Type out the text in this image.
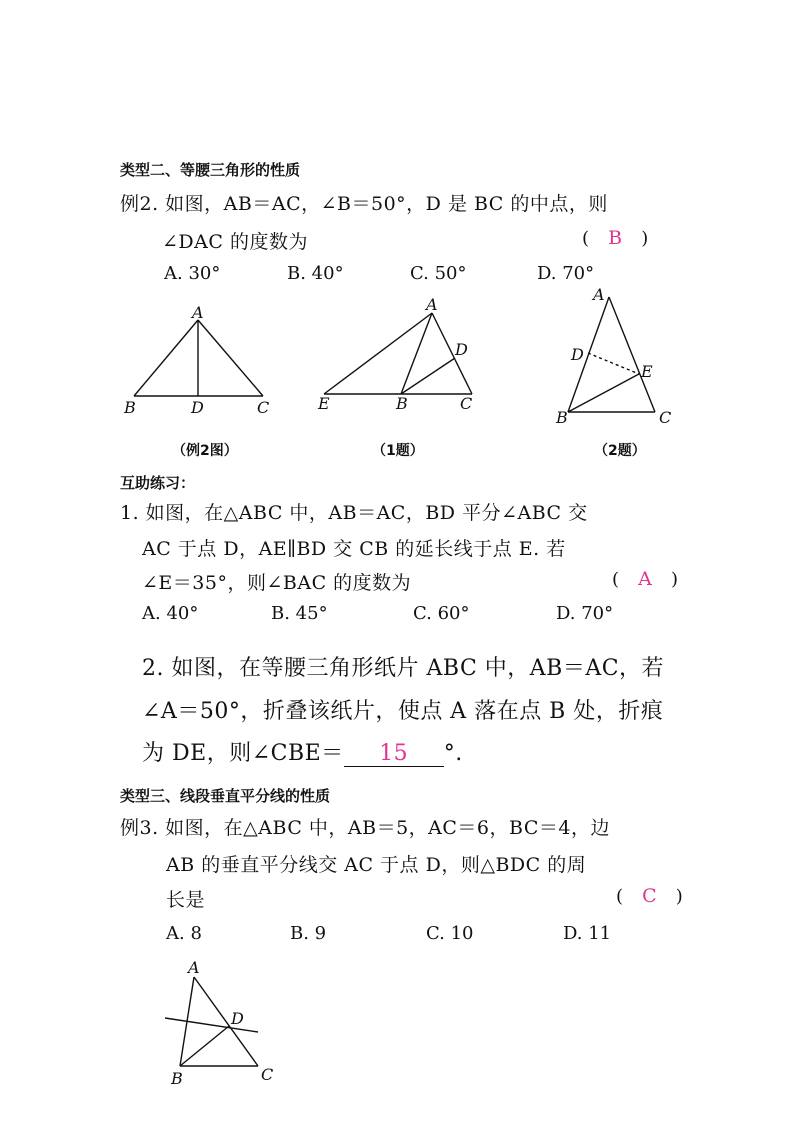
类型二、等腰三角形的性质
例2. 如图，AB＝AC，∠B＝50°，D 是 BC 的中点，则
∠DAC 的度数为	( B )
A. 30°	B. 40°	C. 50°	D. 70°
A
B	D	C
A
D
E	B	C
A
D
E
B	C
（例2图）	（1题）	（2题）
互助练习：
1. 如图，在△ABC 中，AB＝AC，BD 平分∠ABC 交
AC 于点 D，AE∥BD 交 CB 的延长线于点 E. 若
∠E＝35°，则∠BAC 的度数为	( A )
A. 40°	B. 45°	C. 60°	D. 70°
2. 如图，在等腰三角形纸片 ABC 中，AB＝AC，若
∠A＝50°，折叠该纸片，使点 A 落在点 B 处，折痕
为 DE，则∠CBE＝ 15 °.
类型三、线段垂直平分线的性质
例3. 如图，在△ABC 中，AB＝5，AC＝6，BC＝4，边
AB 的垂直平分线交 AC 于点 D，则△BDC 的周
长是	( C )
A. 8	B. 9	C. 10	D. 11
A
D
B	C
